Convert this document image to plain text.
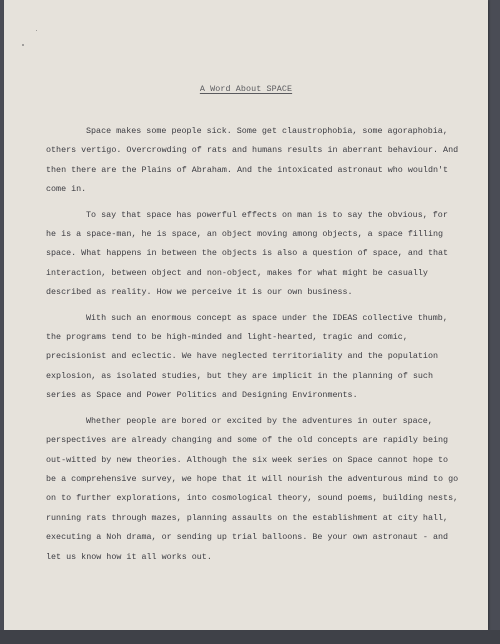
A Word About SPACE

Space makes some people sick. Some get claustrophobia, some agoraphobia, others vertigo. Overcrowding of rats and humans results in aberrant behaviour. And then there are the Plains of Abraham. And the intoxicated astronaut who wouldn't come in.

To say that space has powerful effects on man is to say the obvious, for he is a space-man, he is space, an object moving among objects, a space filling space. What happens in between the objects is also a question of space, and that interaction, between object and non-object, makes for what might be casually described as reality. How we perceive it is our own business.

With such an enormous concept as space under the IDEAS collective thumb, the programs tend to be high-minded and light-hearted, tragic and comic, precisionist and eclectic. We have neglected territoriality and the population explosion, as isolated studies, but they are implicit in the planning of such series as Space and Power Politics and Designing Environments.

Whether people are bored or excited by the adventures in outer space, perspectives are already changing and some of the old concepts are rapidly being out-witted by new theories. Although the six week series on Space cannot hope to be a comprehensive survey, we hope that it will nourish the adventurous mind to go on to further explorations, into cosmological theory, sound poems, building nests, running rats through mazes, planning assaults on the establishment at city hall, executing a Noh drama, or sending up trial balloons. Be your own astronaut - and let us know how it all works out.
